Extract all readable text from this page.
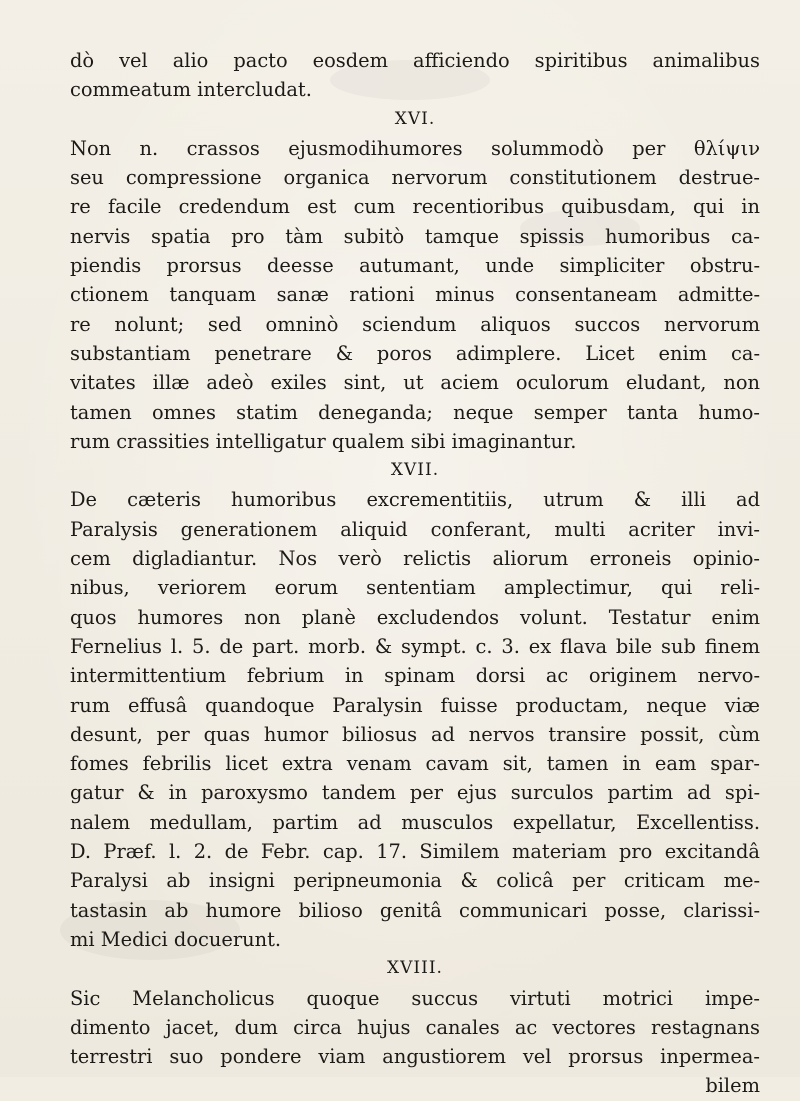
dò vel alio pacto eosdem afficiendo spiritibus animalibus
commeatum intercludat.
XVI.
Non n. crassos ejusmodihumores solummodò per θλίψιν
seu compressione organica nervorum constitutionem destrue-
re facile credendum est cum recentioribus quibusdam, qui in
nervis spatia pro tàm subitò tamque spissis humoribus ca-
piendis prorsus deesse autumant, unde simpliciter obstru-
ctionem tanquam sanæ rationi minus consentaneam admitte-
re nolunt; sed omninò sciendum aliquos succos nervorum
substantiam penetrare & poros adimplere. Licet enim ca-
vitates illæ adeò exiles sint, ut aciem oculorum eludant, non
tamen omnes statim deneganda; neque semper tanta humo-
rum crassities intelligatur qualem sibi imaginantur.
XVII.
De cæteris humoribus excrementitiis, utrum & illi ad
Paralysis generationem aliquid conferant, multi acriter invi-
cem digladiantur. Nos verò relictis aliorum erroneis opinio-
nibus, veriorem eorum sententiam amplectimur, qui reli-
quos humores non planè excludendos volunt. Testatur enim
Fernelius l. 5. de part. morb. & sympt. c. 3. ex flava bile sub finem
intermittentium febrium in spinam dorsi ac originem nervo-
rum effusâ quandoque Paralysin fuisse productam, neque viæ
desunt, per quas humor biliosus ad nervos transire possit, cùm
fomes febrilis licet extra venam cavam sit, tamen in eam spar-
gatur & in paroxysmo tandem per ejus surculos partim ad spi-
nalem medullam, partim ad musculos expellatur, Excellentiss.
D. Præf. l. 2. de Febr. cap. 17. Similem materiam pro excitandâ
Paralysi ab insigni peripneumonia & colicâ per criticam me-
tastasin ab humore bilioso genitâ communicari posse, clarissi-
mi Medici docuerunt.
XVIII.
Sic Melancholicus quoque succus virtuti motrici impe-
dimento jacet, dum circa hujus canales ac vectores restagnans
terrestri suo pondere viam angustiorem vel prorsus inpermea-
bilem
